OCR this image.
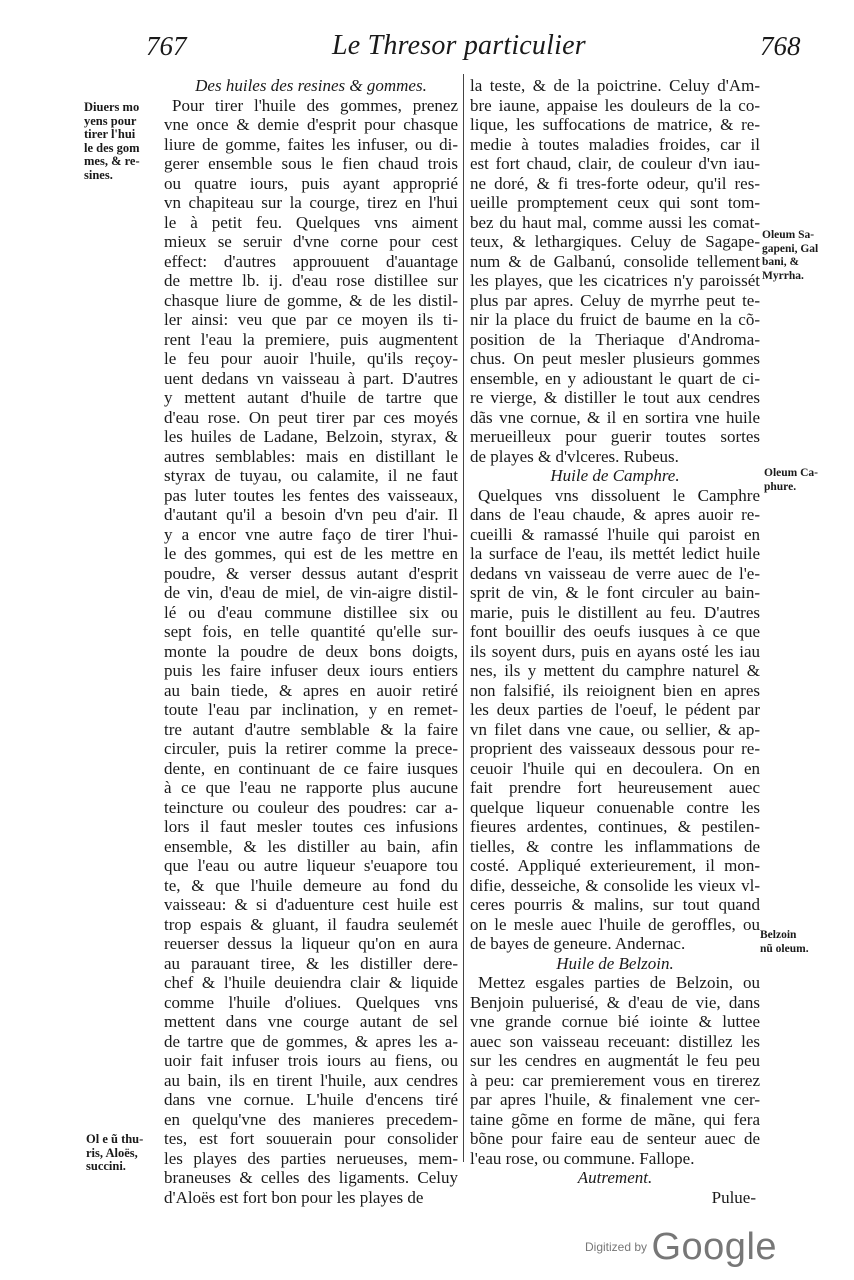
767	Le Thresor particulier	768
Diuers mo
yens pour
tirer l'hui
le des gom
mes, & re-
sines.
Ol e ũ thu-
ris, Aloës,
succini.
Des huiles des resines & gommes.
Pour tirer l'huile des gommes, prenez
vne once & demie d'esprit pour chasque
liure de gomme, faites les infuser, ou di-
gerer ensemble sous le fien chaud trois
ou quatre iours, puis ayant approprié
vn chapiteau sur la courge, tirez en l'hui
le à petit feu. Quelques vns aiment
mieux se seruir d'vne corne pour cest
effect: d'autres approuuent d'auantage
de mettre lb. ij. d'eau rose distillee sur
chasque liure de gomme, & de les distil-
ler ainsi: veu que par ce moyen ils ti-
rent l'eau la premiere, puis augmentent
le feu pour auoir l'huile, qu'ils reçoy-
uent dedans vn vaisseau à part. D'autres
y mettent autant d'huile de tartre que
d'eau rose. On peut tirer par ces moyés
les huiles de Ladane, Belzoin, styrax, &
autres semblables: mais en distillant le
styrax de tuyau, ou calamite, il ne faut
pas luter toutes les fentes des vaisseaux,
d'autant qu'il a besoin d'vn peu d'air. Il
y a encor vne autre faço de tirer l'hui-
le des gommes, qui est de les mettre en
poudre, & verser dessus autant d'esprit
de vin, d'eau de miel, de vin-aigre distil-
lé ou d'eau commune distillee six ou
sept fois, en telle quantité qu'elle sur-
monte la poudre de deux bons doigts,
puis les faire infuser deux iours entiers
au bain tiede, & apres en auoir retiré
toute l'eau par inclination, y en remet-
tre autant d'autre semblable & la faire
circuler, puis la retirer comme la prece-
dente, en continuant de ce faire iusques
à ce que l'eau ne rapporte plus aucune
teincture ou couleur des poudres: car a-
lors il faut mesler toutes ces infusions
ensemble, & les distiller au bain, afin
que l'eau ou autre liqueur s'euapore tou
te, & que l'huile demeure au fond du
vaisseau: & si d'aduenture cest huile est
trop espais & gluant, il faudra seulemét
reuerser dessus la liqueur qu'on en aura
au parauant tiree, & les distiller dere-
chef & l'huile deuiendra clair & liquide
comme l'huile d'oliues. Quelques vns
mettent dans vne courge autant de sel
de tartre que de gommes, & apres les a-
uoir fait infuser trois iours au fiens, ou
au bain, ils en tirent l'huile, aux cendres
dans vne cornue. L'huile d'encens tiré
en quelqu'vne des manieres precedem-
tes, est fort souuerain pour consolider
les playes des parties nerueuses, mem-
braneuses & celles des ligaments. Celuy
d'Aloës est fort bon pour les playes de
la teste, & de la poictrine. Celuy d'Am-
bre iaune, appaise les douleurs de la co-
lique, les suffocations de matrice, & re-
medie à toutes maladies froides, car il
est fort chaud, clair, de couleur d'vn iau-
ne doré, & fi tres-forte odeur, qu'il res-
ueille promptement ceux qui sont tom-
bez du haut mal, comme aussi les comat-
teux, & lethargiques. Celuy de Sagape-
num & de Galbanú, consolide tellement
les playes, que les cicatrices n'y paroissét
plus par apres. Celuy de myrrhe peut te-
nir la place du fruict de baume en la cõ-
position de la Theriaque d'Androma-
chus. On peut mesler plusieurs gommes
ensemble, en y adioustant le quart de ci-
re vierge, & distiller le tout aux cendres
dãs vne cornue, & il en sortira vne huile
merueilleux pour guerir toutes sortes
de playes & d'vlceres. Rubeus.
Huile de Camphre.
Quelques vns dissoluent le Camphre
dans de l'eau chaude, & apres auoir re-
cueilli & ramassé l'huile qui paroist en
la surface de l'eau, ils mettét ledict huile
dedans vn vaisseau de verre auec de l'e-
sprit de vin, & le font circuler au bain-
marie, puis le distillent au feu. D'autres
font bouillir des oeufs iusques à ce que
ils soyent durs, puis en ayans osté les iau
nes, ils y mettent du camphre naturel &
non falsifié, ils reioignent bien en apres
les deux parties de l'oeuf, le pédent par
vn filet dans vne caue, ou sellier, & ap-
proprient des vaisseaux dessous pour re-
ceuoir l'huile qui en decoulera. On en
fait prendre fort heureusement auec
quelque liqueur conuenable contre les
fieures ardentes, continues, & pestilen-
tielles, & contre les inflammations de
costé. Appliqué exterieurement, il mon-
difie, desseiche, & consolide les vieux vl-
ceres pourris & malins, sur tout quand
on le mesle auec l'huile de geroffles, ou
de bayes de geneure. Andernac.
Huile de Belzoin.
Mettez esgales parties de Belzoin, ou
Benjoin puluerisé, & d'eau de vie, dans
vne grande cornue bié iointe & luttee
auec son vaisseau receuant: distillez les
sur les cendres en augmentát le feu peu
à peu: car premierement vous en tirerez
par apres l'huile, & finalement vne cer-
taine gõme en forme de mãne, qui fera
bõne pour faire eau de senteur auec de
l'eau rose, ou commune. Fallope.
Autrement.
Pulue-
Oleum Sa-
gapeni, Gal
bani, &
Myrrha.
Oleum Ca-
phure.
Belzoin
nũ oleum.
$^{Digitized by}$ Google
